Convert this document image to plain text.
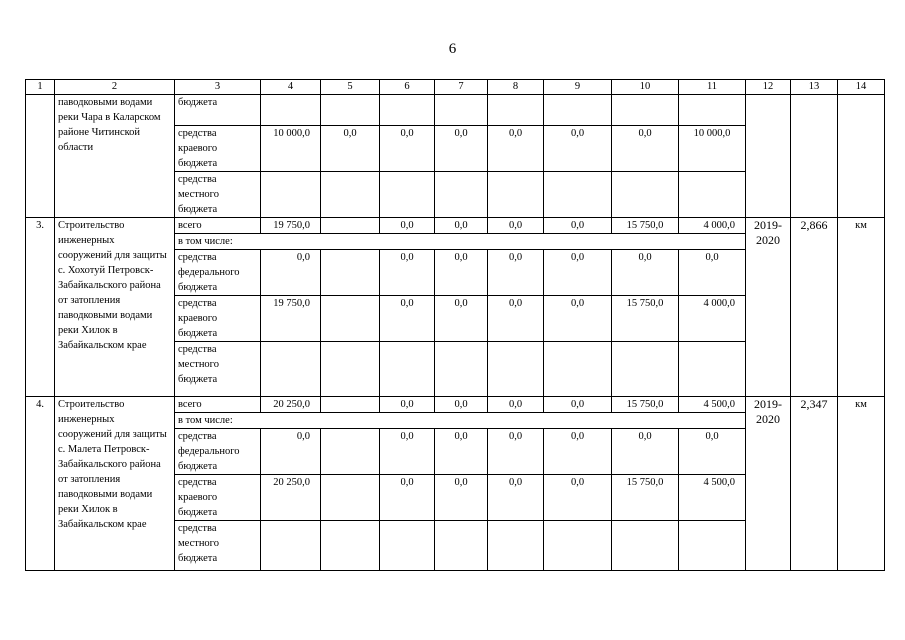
6
1	2	3	4	5	6	7	8	9	10	11	12	13	14
	паводковыми водами реки Чара в Каларском районе Читинской области	бюджета											
		средства краевого бюджета	10 000,0	0,0	0,0	0,0	0,0	0,0	0,0	10 000,0			
		средства местного бюджета											
3.	Строительство инженерных сооружений для защиты с. Хохотуй Петровск-Забайкальского района от затопления паводковыми водами реки Хилок в Забайкальском крае	всего	19 750,0		0,0	0,0	0,0	0,0	15 750,0	4 000,0	2019-2020	2,866	км
		в том числе:											
		средства федерального бюджета	0,0		0,0	0,0	0,0	0,0	0,0	0,0			
		средства краевого бюджета	19 750,0		0,0	0,0	0,0	0,0	15 750,0	4 000,0			
		средства местного бюджета											
4.	Строительство инженерных сооружений для защиты с. Малета Петровск-Забайкальского района от затопления паводковыми водами реки Хилок в Забайкальском крае	всего	20 250,0		0,0	0,0	0,0	0,0	15 750,0	4 500,0	2019-2020	2,347	км
		в том числе:											
		средства федерального бюджета	0,0		0,0	0,0	0,0	0,0	0,0	0,0			
		средства краевого бюджета	20 250,0		0,0	0,0	0,0	0,0	15 750,0	4 500,0			
		средства местного бюджета											
